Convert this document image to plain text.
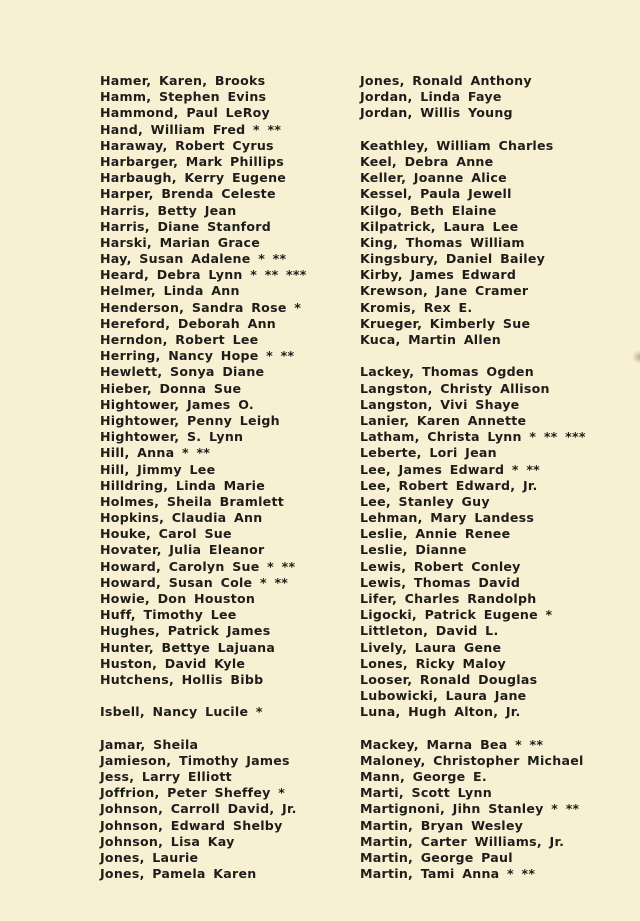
Hamer, Karen, Brooks
Hamm, Stephen Evins
Hammond, Paul LeRoy
Hand, William Fred * **
Haraway, Robert Cyrus
Harbarger, Mark Phillips
Harbaugh, Kerry Eugene
Harper, Brenda Celeste
Harris, Betty Jean
Harris, Diane Stanford
Harski, Marian Grace
Hay, Susan Adalene * **
Heard, Debra Lynn * ** ***
Helmer, Linda Ann
Henderson, Sandra Rose *
Hereford, Deborah Ann
Herndon, Robert Lee
Herring, Nancy Hope * **
Hewlett, Sonya Diane
Hieber, Donna Sue
Hightower, James O.
Hightower, Penny Leigh
Hightower, S. Lynn
Hill, Anna * **
Hill, Jimmy Lee
Hilldring, Linda Marie
Holmes, Sheila Bramlett
Hopkins, Claudia Ann
Houke, Carol Sue
Hovater, Julia Eleanor
Howard, Carolyn Sue * **
Howard, Susan Cole * **
Howie, Don Houston
Huff, Timothy Lee
Hughes, Patrick James
Hunter, Bettye Lajuana
Huston, David Kyle
Hutchens, Hollis Bibb
Isbell, Nancy Lucile *
Jamar, Sheila
Jamieson, Timothy James
Jess, Larry Elliott
Joffrion, Peter Sheffey *
Johnson, Carroll David, Jr.
Johnson, Edward Shelby
Johnson, Lisa Kay
Jones, Laurie
Jones, Pamela Karen
Jones, Ronald Anthony
Jordan, Linda Faye
Jordan, Willis Young
Keathley, William Charles
Keel, Debra Anne
Keller, Joanne Alice
Kessel, Paula Jewell
Kilgo, Beth Elaine
Kilpatrick, Laura Lee
King, Thomas William
Kingsbury, Daniel Bailey
Kirby, James Edward
Krewson, Jane Cramer
Kromis, Rex E.
Krueger, Kimberly Sue
Kuca, Martin Allen
Lackey, Thomas Ogden
Langston, Christy Allison
Langston, Vivi Shaye
Lanier, Karen Annette
Latham, Christa Lynn * ** ***
Leberte, Lori Jean
Lee, James Edward * **
Lee, Robert Edward, Jr.
Lee, Stanley Guy
Lehman, Mary Landess
Leslie, Annie Renee
Leslie, Dianne
Lewis, Robert Conley
Lewis, Thomas David
Lifer, Charles Randolph
Ligocki, Patrick Eugene *
Littleton, David L.
Lively, Laura Gene
Lones, Ricky Maloy
Looser, Ronald Douglas
Lubowicki, Laura Jane
Luna, Hugh Alton, Jr.
Mackey, Marna Bea * **
Maloney, Christopher Michael
Mann, George E.
Marti, Scott Lynn
Martignoni, Jihn Stanley * **
Martin, Bryan Wesley
Martin, Carter Williams, Jr.
Martin, George Paul
Martin, Tami Anna * **
